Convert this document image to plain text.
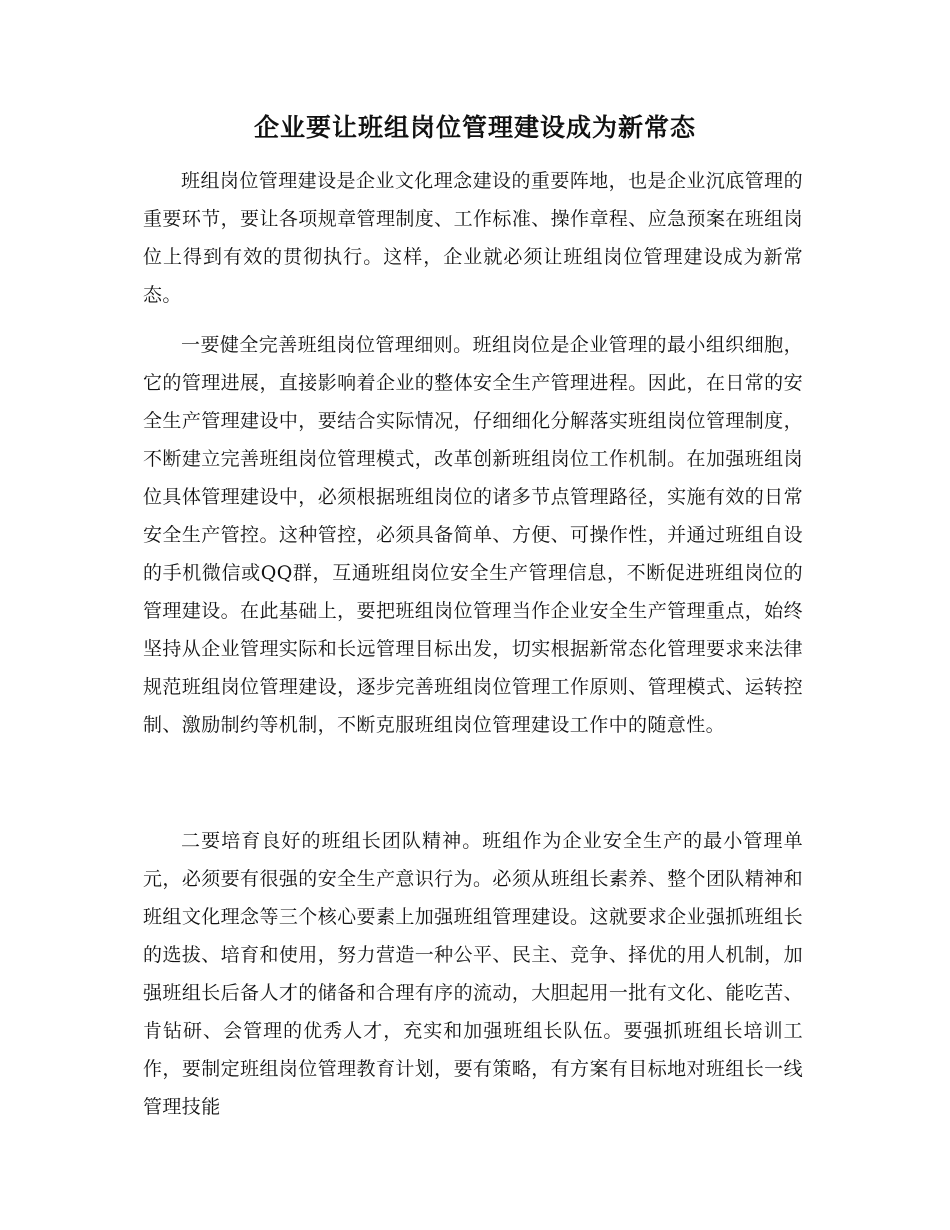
企业要让班组岗位管理建设成为新常态

班组岗位管理建设是企业文化理念建设的重要阵地，也是企业沉底管理的重要环节，要让各项规章管理制度、工作标准、操作章程、应急预案在班组岗位上得到有效的贯彻执行。这样，企业就必须让班组岗位管理建设成为新常态。

一要健全完善班组岗位管理细则。班组岗位是企业管理的最小组织细胞，它的管理进展，直接影响着企业的整体安全生产管理进程。因此，在日常的安全生产管理建设中，要结合实际情况，仔细细化分解落实班组岗位管理制度，不断建立完善班组岗位管理模式，改革创新班组岗位工作机制。在加强班组岗位具体管理建设中，必须根据班组岗位的诸多节点管理路径，实施有效的日常安全生产管控。这种管控，必须具备简单、方便、可操作性，并通过班组自设的手机微信或QQ群，互通班组岗位安全生产管理信息，不断促进班组岗位的管理建设。在此基础上，要把班组岗位管理当作企业安全生产管理重点，始终坚持从企业管理实际和长远管理目标出发，切实根据新常态化管理要求来法律规范班组岗位管理建设，逐步完善班组岗位管理工作原则、管理模式、运转控制、激励制约等机制，不断克服班组岗位管理建设工作中的随意性。

二要培育良好的班组长团队精神。班组作为企业安全生产的最小管理单元，必须要有很强的安全生产意识行为。必须从班组长素养、整个团队精神和班组文化理念等三个核心要素上加强班组管理建设。这就要求企业强抓班组长的选拔、培育和使用，努力营造一种公平、民主、竞争、择优的用人机制，加强班组长后备人才的储备和合理有序的流动，大胆起用一批有文化、能吃苦、肯钻研、会管理的优秀人才，充实和加强班组长队伍。要强抓班组长培训工作，要制定班组岗位管理教育计划，要有策略，有方案有目标地对班组长一线管理技能
